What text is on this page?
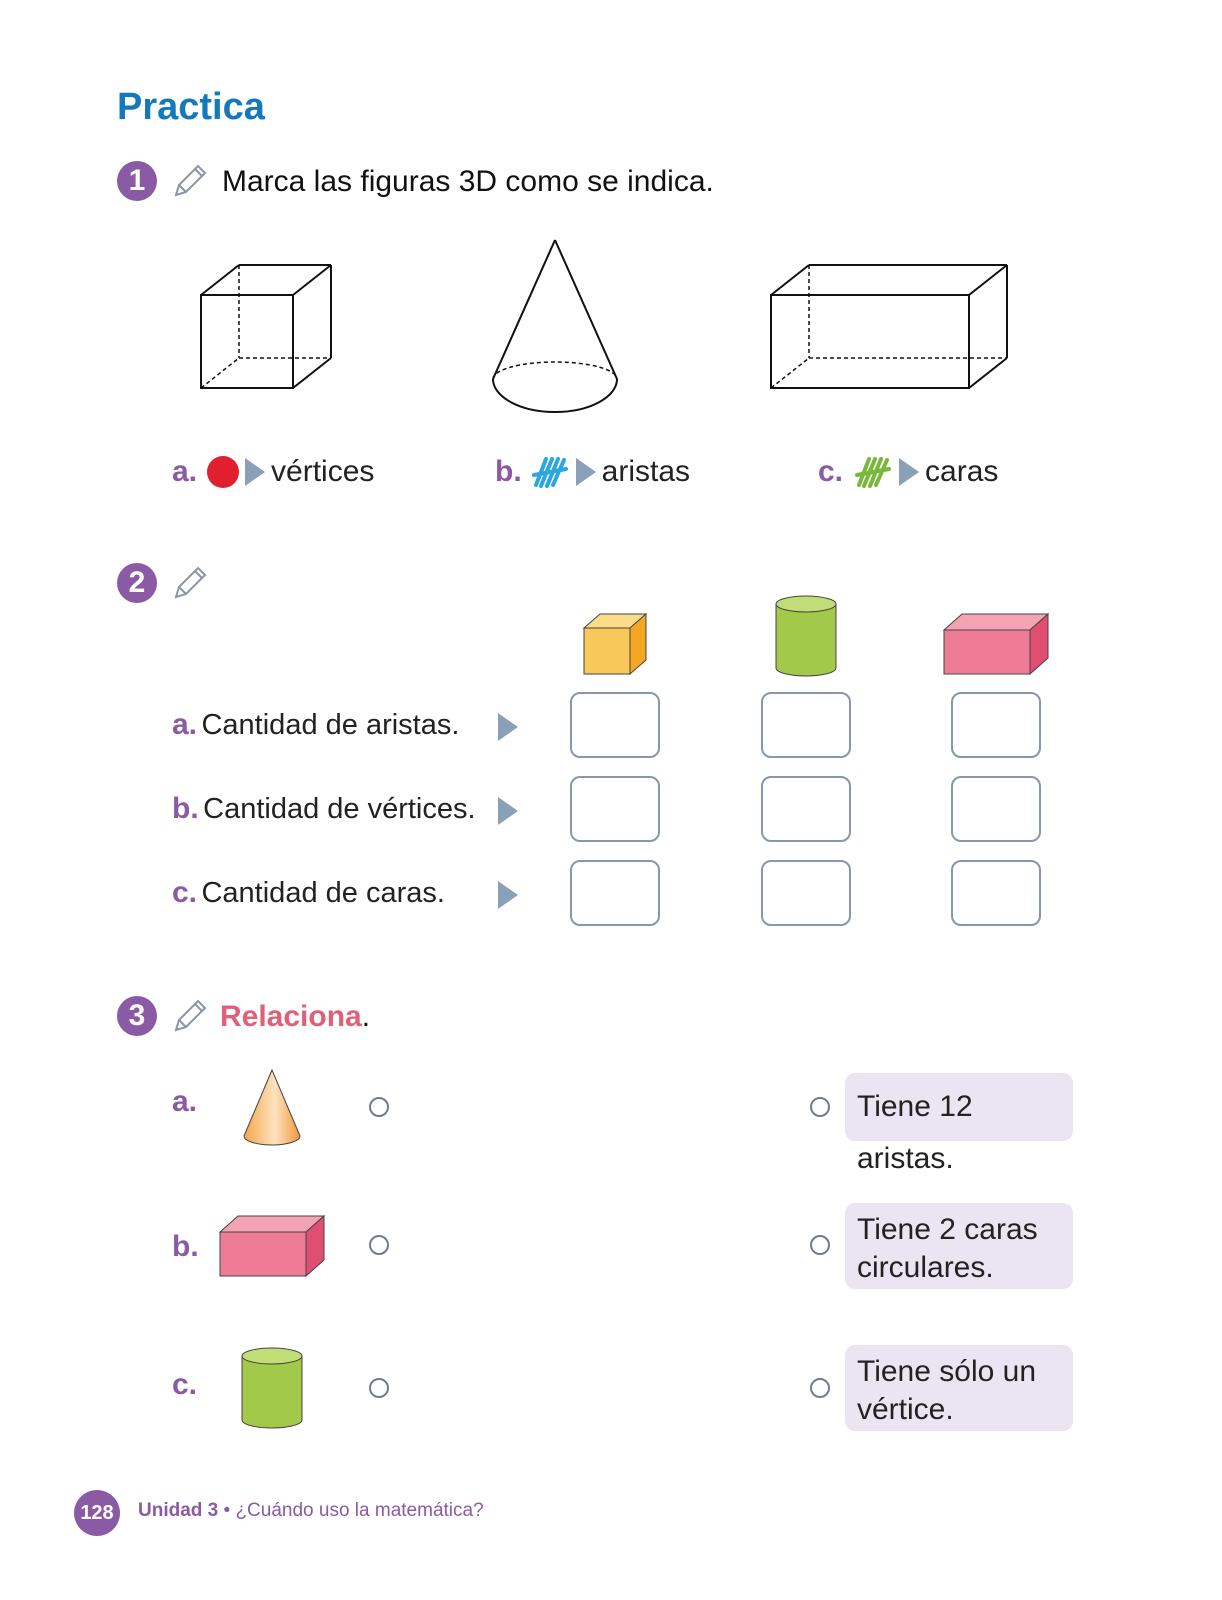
Practica
1	Marca las figuras 3D como se indica.
a. vértices	b.	aristas	c.	caras
2
a. Cantidad de aristas.
b. Cantidad de vértices.
c. Cantidad de caras.
3	Relaciona.
a.
b.
c.
Tiene 12 aristas.
Tiene 2 caras circulares.
Tiene sólo un vértice.
128	Unidad 3 • ¿Cuándo uso la matemática?
